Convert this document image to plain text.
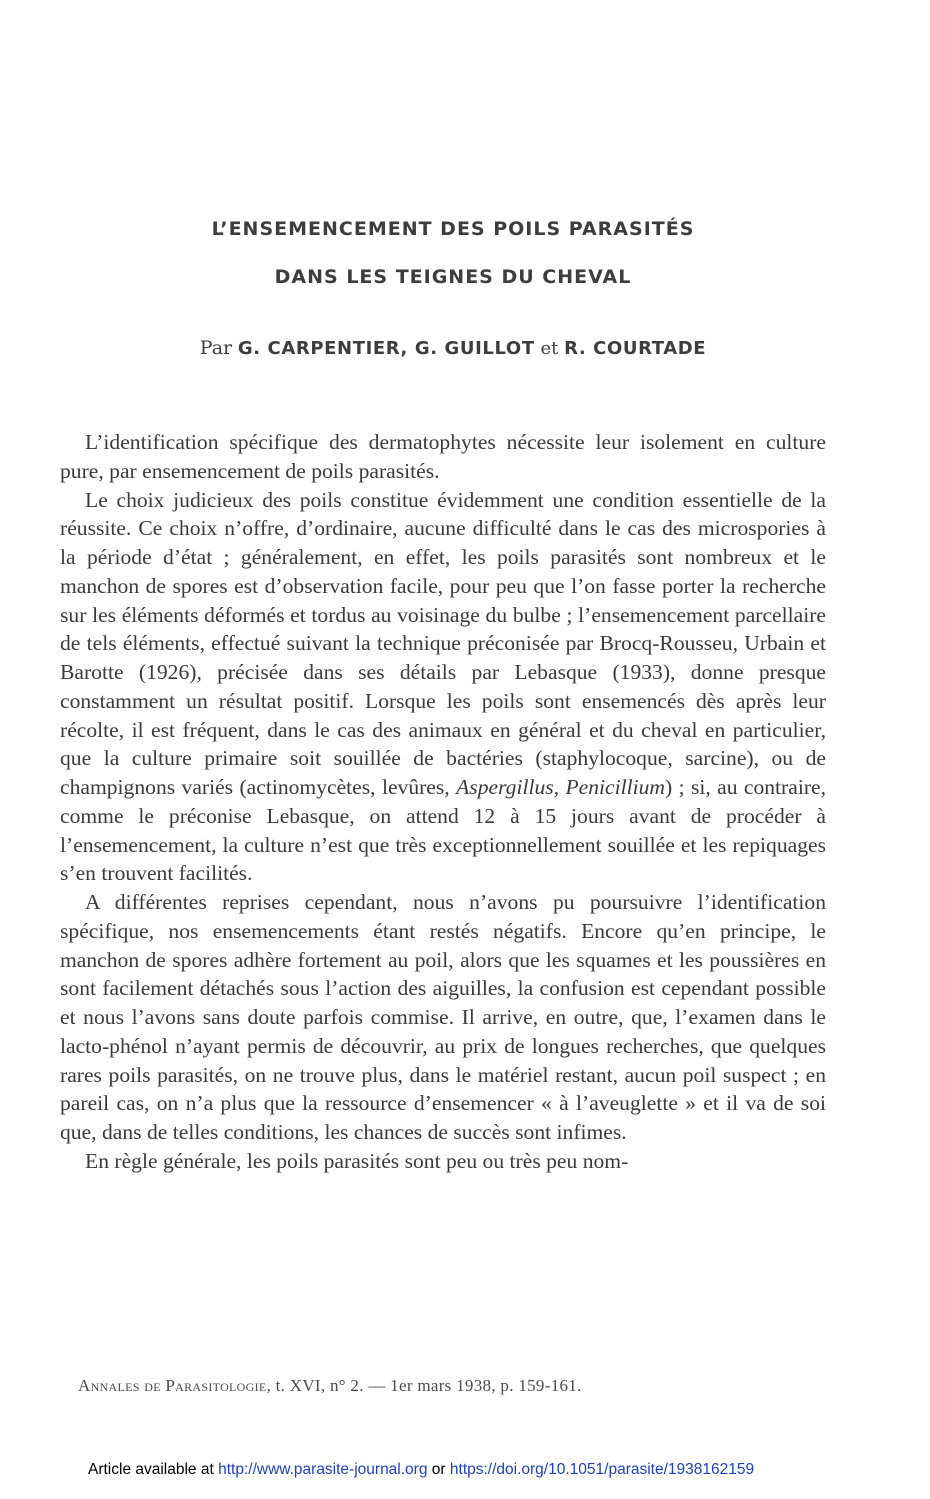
L’ENSEMENCEMENT DES POILS PARASITÉS
DANS LES TEIGNES DU CHEVAL
Par G. CARPENTIER, G. GUILLOT et R. COURTADE

L’identification spécifique des dermatophytes nécessite leur isolement en culture pure, par ensemencement de poils parasités.

Le choix judicieux des poils constitue évidemment une condition essentielle de la réussite. Ce choix n’offre, d’ordinaire, aucune difficulté dans le cas des microspories à la période d’état ; généralement, en effet, les poils parasités sont nombreux et le manchon de spores est d’observation facile, pour peu que l’on fasse porter la recherche sur les éléments déformés et tordus au voisinage du bulbe ; l’ensemencement parcellaire de tels éléments, effectué suivant la technique préconisée par Brocq-Rousseu, Urbain et Barotte (1926), précisée dans ses détails par Lebasque (1933), donne presque constamment un résultat positif. Lorsque les poils sont ensemencés dès après leur récolte, il est fréquent, dans le cas des animaux en général et du cheval en particulier, que la culture primaire soit souillée de bactéries (staphylocoque, sarcine), ou de champignons variés (actinomycètes, levûres, Aspergillus, Penicillium) ; si, au contraire, comme le préconise Lebasque, on attend 12 à 15 jours avant de procéder à l’ensemencement, la culture n’est que très exceptionnellement souillée et les repiquages s’en trouvent facilités.

A différentes reprises cependant, nous n’avons pu poursuivre l’identification spécifique, nos ensemencements étant restés négatifs. Encore qu’en principe, le manchon de spores adhère fortement au poil, alors que les squames et les poussières en sont facilement détachés sous l’action des aiguilles, la confusion est cependant possible et nous l’avons sans doute parfois commise. Il arrive, en outre, que, l’examen dans le lacto-phénol n’ayant permis de découvrir, au prix de longues recherches, que quelques rares poils parasités, on ne trouve plus, dans le matériel restant, aucun poil suspect ; en pareil cas, on n’a plus que la ressource d’ensemencer « à l’aveuglette » et il va de soi que, dans de telles conditions, les chances de succès sont infimes.

En règle générale, les poils parasités sont peu ou très peu nom-

Annales de Parasitologie, t. XVI, n° 2. — 1er mars 1938, p. 159-161.
Article available at http://www.parasite-journal.org or https://doi.org/10.1051/parasite/1938162159
